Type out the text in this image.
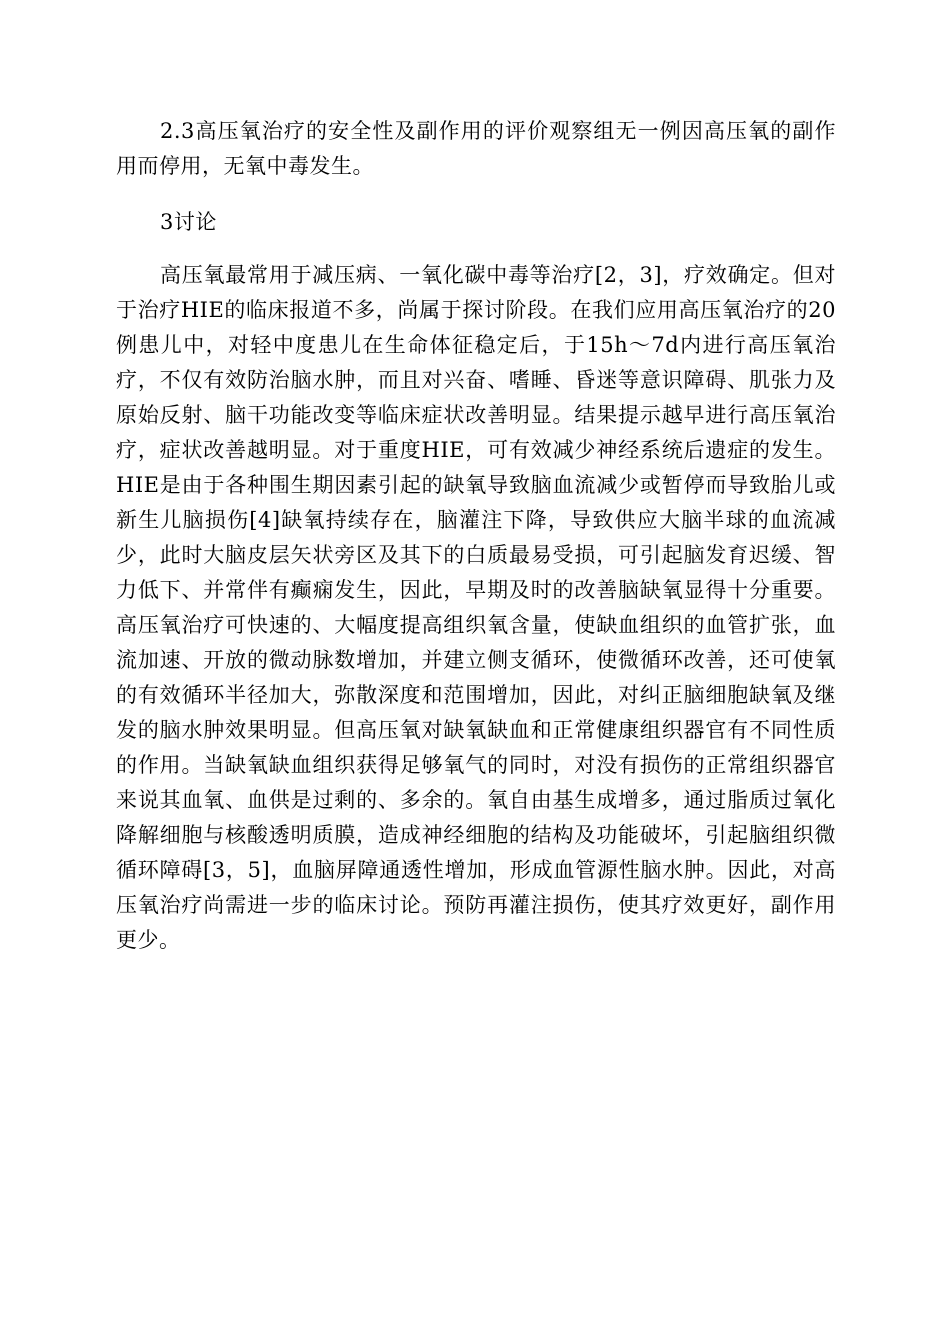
2.3高压氧治疗的安全性及副作用的评价观察组无一例因高压氧的副作用而停用，无氧中毒发生。

3讨论

高压氧最常用于减压病、一氧化碳中毒等治疗[2，3]，疗效确定。但对于治疗HIE的临床报道不多，尚属于探讨阶段。在我们应用高压氧治疗的20例患儿中，对轻中度患儿在生命体征稳定后，于15h～7d内进行高压氧治疗，不仅有效防治脑水肿，而且对兴奋、嗜睡、昏迷等意识障碍、肌张力及原始反射、脑干功能改变等临床症状改善明显。结果提示越早进行高压氧治疗，症状改善越明显。对于重度HIE，可有效减少神经系统后遗症的发生。HIE是由于各种围生期因素引起的缺氧导致脑血流减少或暂停而导致胎儿或新生儿脑损伤[4]缺氧持续存在，脑灌注下降，导致供应大脑半球的血流减少，此时大脑皮层矢状旁区及其下的白质最易受损，可引起脑发育迟缓、智力低下、并常伴有癫痫发生，因此，早期及时的改善脑缺氧显得十分重要。高压氧治疗可快速的、大幅度提高组织氧含量，使缺血组织的血管扩张，血流加速、开放的微动脉数增加，并建立侧支循环，使微循环改善，还可使氧的有效循环半径加大，弥散深度和范围增加，因此，对纠正脑细胞缺氧及继发的脑水肿效果明显。但高压氧对缺氧缺血和正常健康组织器官有不同性质的作用。当缺氧缺血组织获得足够氧气的同时，对没有损伤的正常组织器官来说其血氧、血供是过剩的、多余的。氧自由基生成增多，通过脂质过氧化降解细胞与核酸透明质膜，造成神经细胞的结构及功能破坏，引起脑组织微循环障碍[3，5]，血脑屏障通透性增加，形成血管源性脑水肿。因此，对高压氧治疗尚需进一步的临床讨论。预防再灌注损伤，使其疗效更好，副作用更少。
